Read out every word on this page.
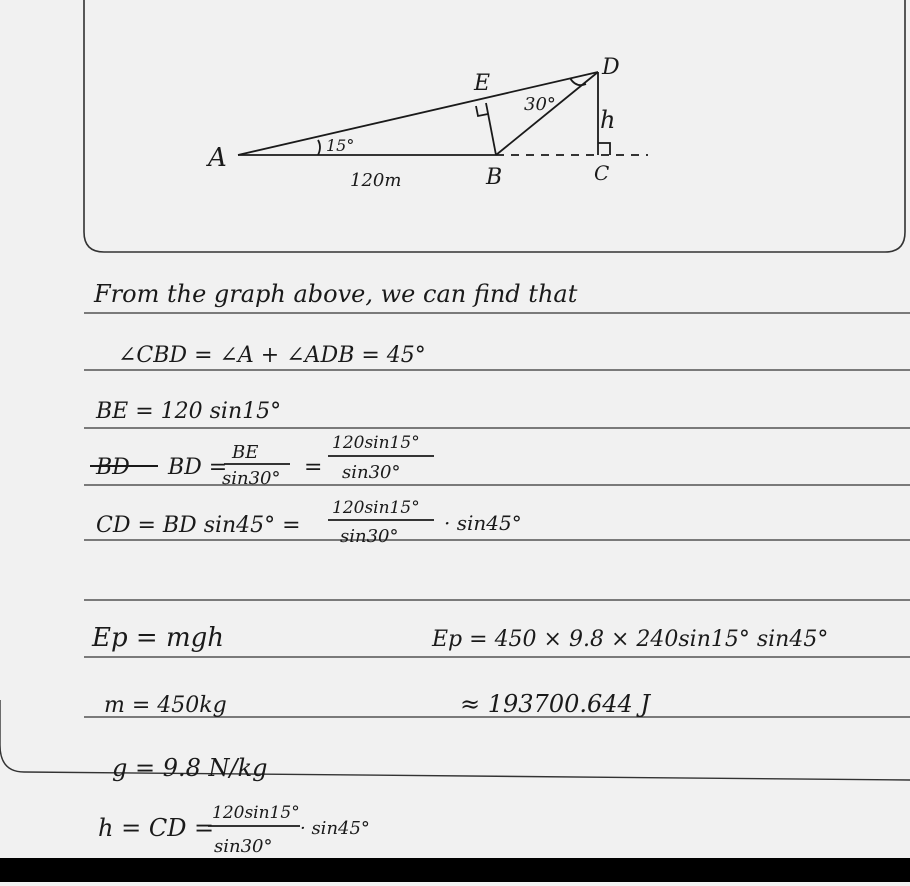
A
B	C
D
E
h
15°
30°
120m
From the graph above, we can find that
∠CBD = ∠A + ∠ADB = 45°
BE = 120 sin15°
BD BD =
BE
sin30° =
120sin15°
sin30°
CD = BD sin45° =
120sin15°
sin30°
· sin45°
Ep = mgh	Ep = 450 × 9.8 × 240sin15° sin45°
m = 450kg	≈ 193700.644 J
g = 9.8 N/kg
h = CD =
120sin15°
sin30°
· sin45°
